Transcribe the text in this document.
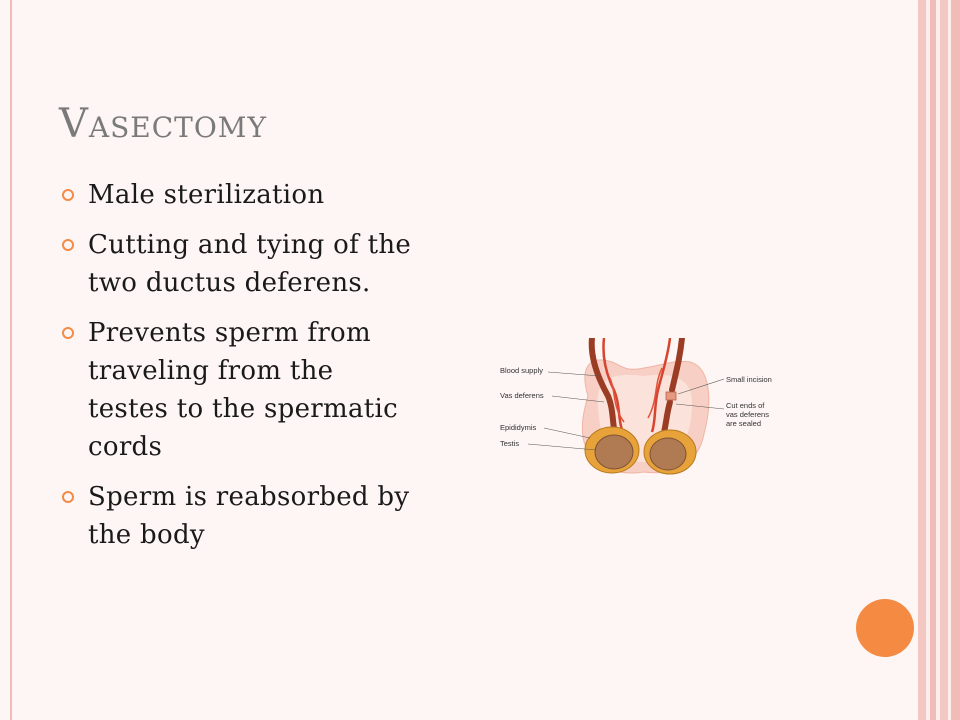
Vasectomy
Male sterilization
Cutting and tying of the two ductus deferens.
Prevents sperm from traveling from the testes to the spermatic cords
Sperm is reabsorbed by the body
Blood supply
Vas deferens
Epididymis
Testis
Small incision
Cut ends of
vas deferens
are sealed
